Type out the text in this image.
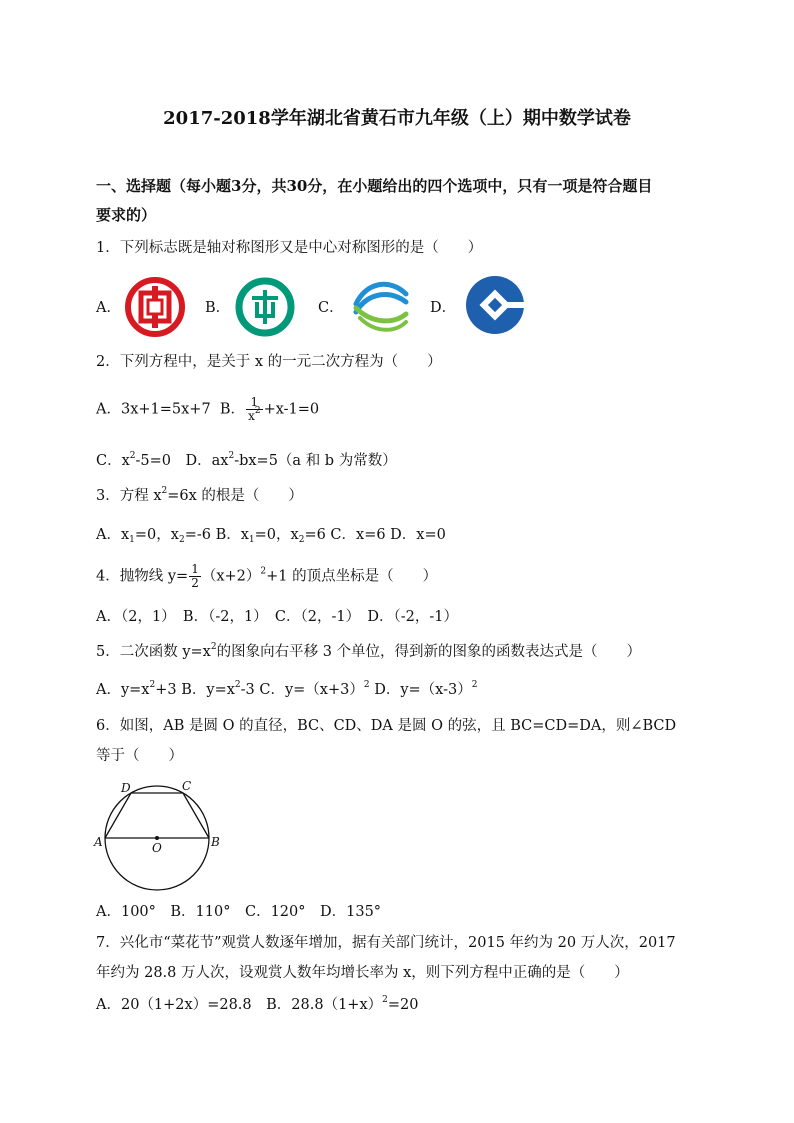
2017-2018学年湖北省黄石市九年级（上）期中数学试卷
一、选择题（每小题3分，共30分，在小题给出的四个选项中，只有一项是符合题目
要求的）
1．下列标志既是轴对称图形又是中心对称图形的是（　　）
A．	B．	C．	D．
2．下列方程中，是关于 x 的一元二次方程为（　　）
A．3x+1=5x+7 B． $\frac{1}{x^2} +x-1=0$
C．$x^2-5=0$　D．$ax^2-bx=5(a$ 和 b 为常数）
3．方程 $x^2=6x$ 的根是（　　）
A．$x_1=0$，$x_2=-6$ B．$x_1=0$，$x_2=6$ C．x=6 D．x=0
4．抛物线 $y= \frac{1}{2} (x+2)^2+1$ 的顶点坐标是（　　）
A．（2，1）　B．（-2，1）　C．（2，-1）　D．（-2，-1）
5．二次函数 $y=x^2$的图象向右平移 3 个单位，得到新的图象的函数表达式是（　　）
A．$y=x^2+3$ B．$y=x^2-3$ C．$y=(x+3)^2$ D．$y=(x-3)^2$
6．如图，AB 是圆 O 的直径，BC、CD、DA 是圆 O 的弦，且 BC=CD=DA，则∠BCD
等于（　　）
A	B
C
D
O
A．100°　B．110°　C．120°　D．135°
7．兴化市“菜花节”观赏人数逐年增加，据有关部门统计，2015 年约为 20 万人次，2017
年约为 28.8 万人次，设观赏人数年均增长率为 x，则下列方程中正确的是（　　）
A．20（1+2x）=28.8　B．$28.8(1+x)^2=20$
